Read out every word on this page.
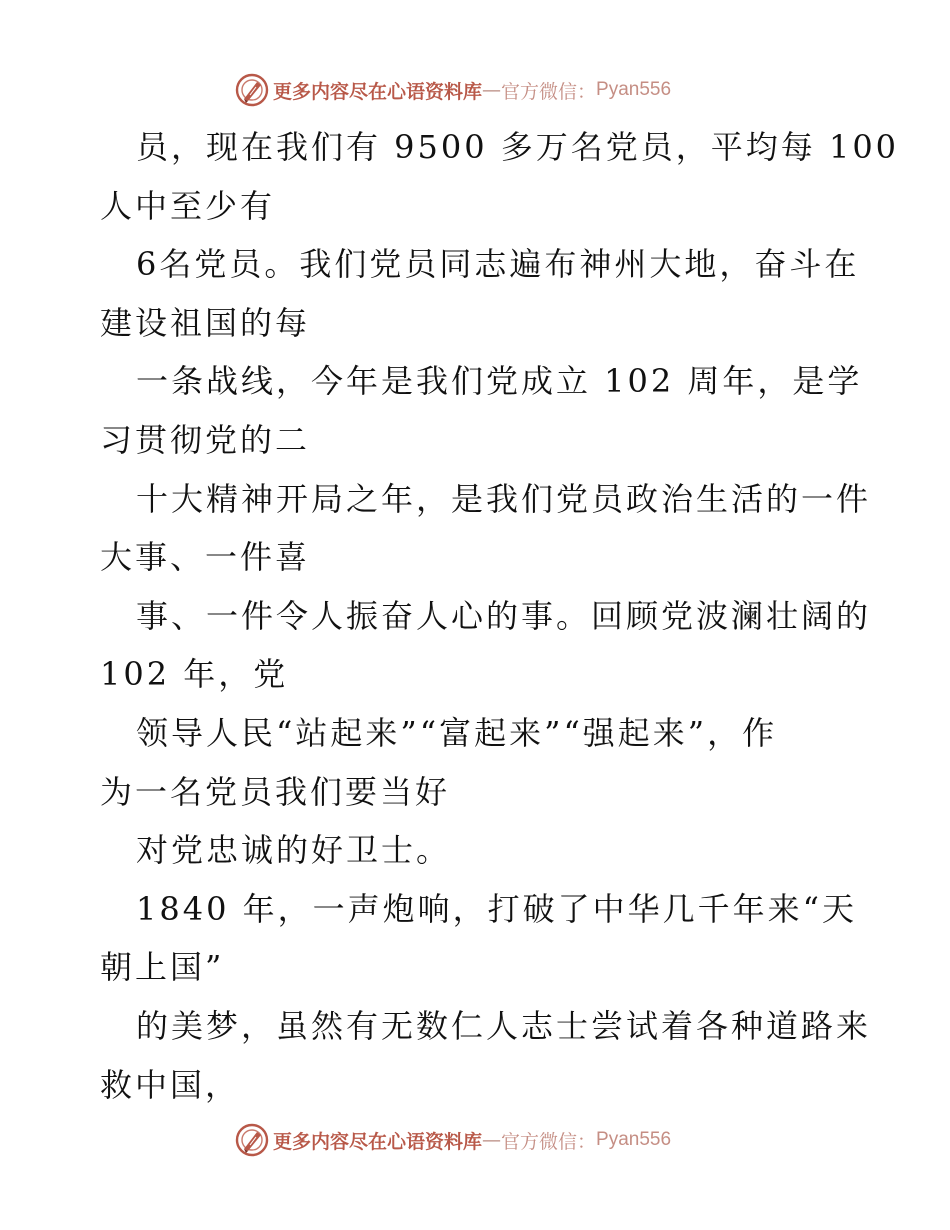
更多内容尽在心语资料库 — 官方微信： Pyan556
员，现在我们有 9500 多万名党员，平均每 100
人中至少有
6名党员。我们党员同志遍布神州大地，奋斗在
建设祖国的每
一条战线，今年是我们党成立 102 周年，是学
习贯彻党的二
十大精神开局之年，是我们党员政治生活的一件
大事、一件喜
事、一件令人振奋人心的事。回顾党波澜壮阔的
102 年，党
领导人民“站起来”“富起来”“强起来”，作
为一名党员我们要当好
对党忠诚的好卫士。
1840 年，一声炮响，打破了中华几千年来“天
朝上国”
的美梦，虽然有无数仁人志士尝试着各种道路来
救中国，
更多内容尽在心语资料库 — 官方微信： Pyan556
